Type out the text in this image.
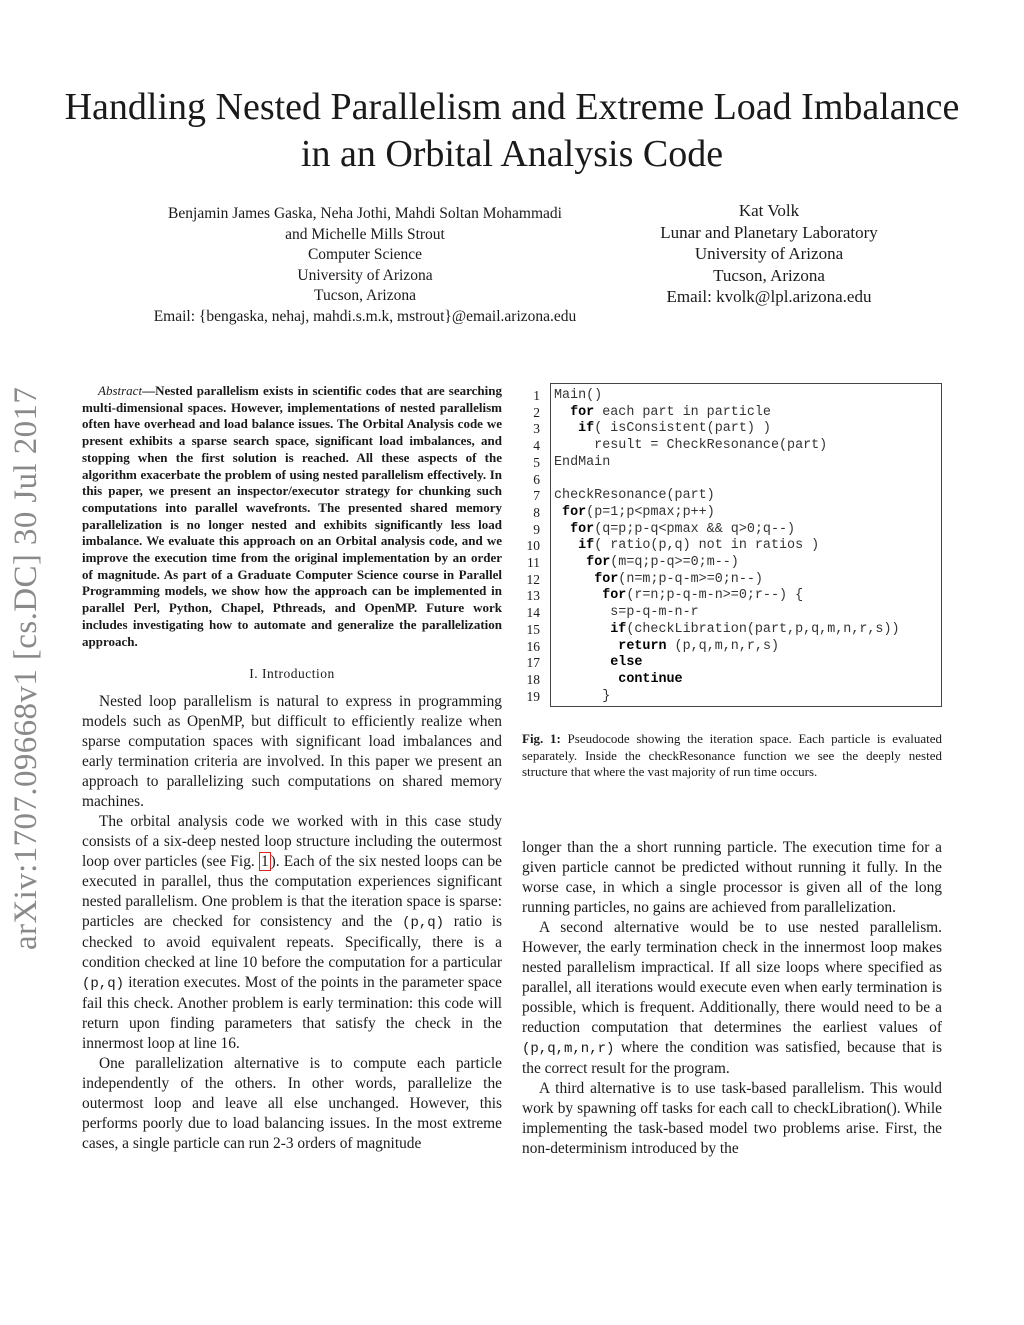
Handling Nested Parallelism and Extreme Load Imbalance in an Orbital Analysis Code
Benjamin James Gaska, Neha Jothi, Mahdi Soltan Mohammadi
and Michelle Mills Strout
Computer Science
University of Arizona
Tucson, Arizona
Email: {bengaska, nehaj, mahdi.s.m.k, mstrout}@email.arizona.edu
Kat Volk
Lunar and Planetary Laboratory
University of Arizona
Tucson, Arizona
Email: kvolk@lpl.arizona.edu
arXiv:1707.09668v1 [cs.DC] 30 Jul 2017	Abstract—Nested parallelism exists in scientific codes that are searching multi-dimensional spaces. However, implementations of nested parallelism often have overhead and load balance issues. The Orbital Analysis code we present exhibits a sparse search space, significant load imbalances, and stopping when the first solution is reached. All these aspects of the algorithm exacerbate the problem of using nested parallelism effectively. In this paper, we present an inspector/executor strategy for chunking such computations into parallel wavefronts. The presented shared memory parallelization is no longer nested and exhibits significantly less load imbalance. We evaluate this approach on an Orbital analysis code, and we improve the execution time from the original implementation by an order of magnitude. As part of a Graduate Computer Science course in Parallel Programming models, we show how the approach can be implemented in parallel Perl, Python, Chapel, Pthreads, and OpenMP. Future work includes investigating how to automate and generalize the parallelization approach.

I. Introduction

Nested loop parallelism is natural to express in programming models such as OpenMP, but difficult to efficiently realize when sparse computation spaces with significant load imbalances and early termination criteria are involved. In this paper we present an approach to parallelizing such computations on shared memory machines.

The orbital analysis code we worked with in this case study consists of a six-deep nested loop structure including the outermost loop over particles (see Fig. 1 ). Each of the six nested loops can be executed in parallel, thus the computation experiences significant nested parallelism. One problem is that the iteration space is sparse: particles are checked for consistency and the (p,q) ratio is checked to avoid equivalent repeats. Specifically, there is a condition checked at line 10 before the computation for a particular (p,q) iteration executes. Most of the points in the parameter space fail this check. Another problem is early termination: this code will return upon finding parameters that satisfy the check in the innermost loop at line 16.

One parallelization alternative is to compute each particle independently of the others. In other words, parallelize the outermost loop and leave all else unchanged. However, this performs poorly due to load balancing issues. In the most extreme cases, a single particle can run 2-3 orders of magnitude

1
2
3
4
5
6
7
8
9
10
11
12
13
14
15
16
17
18
19
Main()
for each part in particle
if( isConsistent(part) )
result = CheckResonance(part)
EndMain

checkResonance(part)
for(p=1;p<pmax;p++)
for(q=p;p-q<pmax && q>0;q--)
if( ratio(p,q) not in ratios )
for(m=q;p-q>=0;m--)
for(n=m;p-q-m>=0;n--)
for(r=n;p-q-m-n>=0;r--) {
s=p-q-m-n-r
if(checkLibration(part,p,q,m,n,r,s))
return (p,q,m,n,r,s)
else
continue
}
Fig. 1: Pseudocode showing the iteration space. Each particle is evaluated separately. Inside the checkResonance function we see the deeply nested structure that where the vast majority of run time occurs.

longer than the a short running particle. The execution time for a given particle cannot be predicted without running it fully. In the worse case, in which a single processor is given all of the long running particles, no gains are achieved from parallelization.

A second alternative would be to use nested parallelism. However, the early termination check in the innermost loop makes nested parallelism impractical. If all size loops where specified as parallel, all iterations would execute even when early termination is possible, which is frequent. Additionally, there would need to be a reduction computation that determines the earliest values of (p,q,m,n,r) where the condition was satisfied, because that is the correct result for the program.

A third alternative is to use task-based parallelism. This would work by spawning off tasks for each call to checkLibration(). While implementing the task-based model two problems arise. First, the non-determinism introduced by the
